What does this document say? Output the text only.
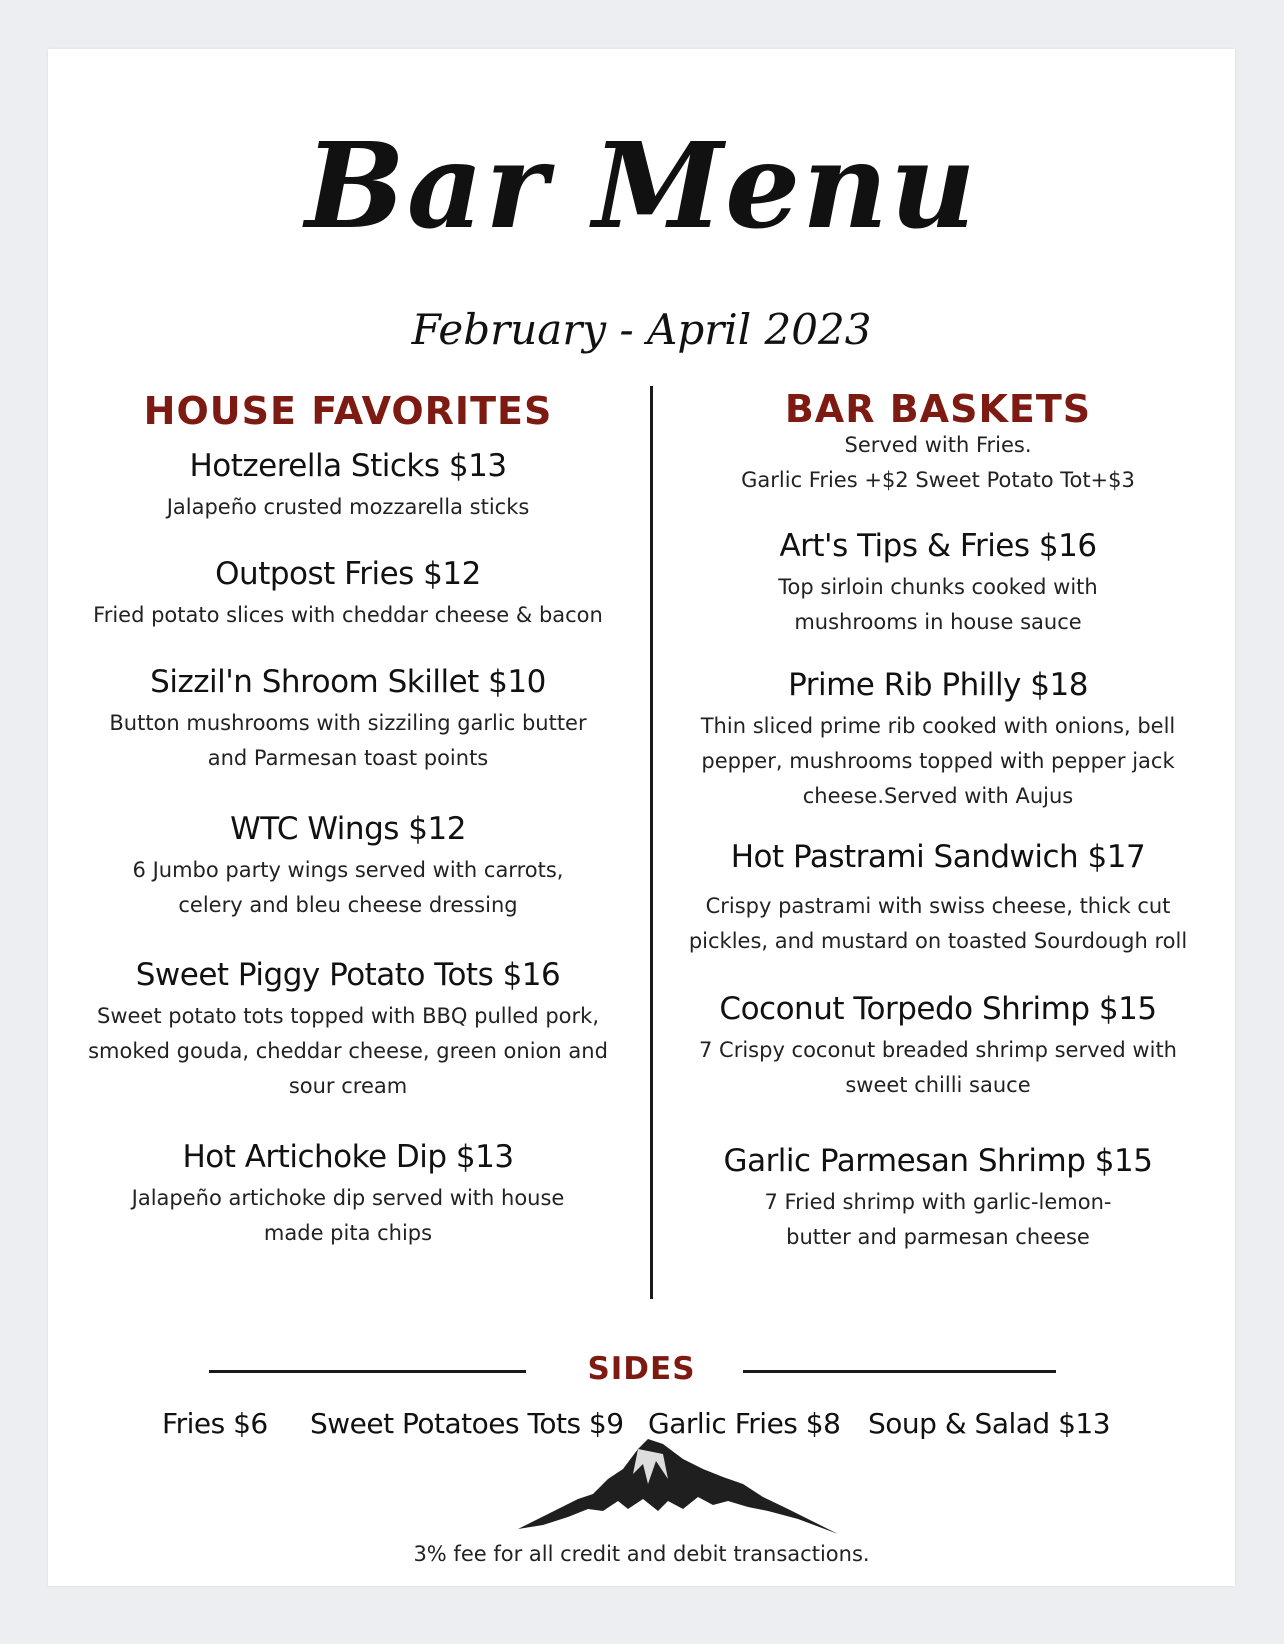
Bar Menu
February - April 2023
HOUSE FAVORITES
Hotzerella Sticks $13
Jalapeño crusted mozzarella sticks
Outpost Fries $12
Fried potato slices with cheddar cheese & bacon
Sizzil'n Shroom Skillet $10
Button mushrooms with sizziling garlic butter and Parmesan toast points
WTC Wings $12
6 Jumbo party wings served with carrots, celery and bleu cheese dressing
Sweet Piggy Potato Tots $16
Sweet potato tots topped with BBQ pulled pork, smoked gouda, cheddar cheese, green onion and sour cream
Hot Artichoke Dip $13
Jalapeño artichoke dip served with house made pita chips
BAR BASKETS
Served with Fries.
Garlic Fries +$2 Sweet Potato Tot+$3
Art's Tips & Fries $16
Top sirloin chunks cooked with mushrooms in house sauce
Prime Rib Philly $18
Thin sliced prime rib cooked with onions, bell pepper, mushrooms topped with pepper jack cheese.Served with Aujus
Hot Pastrami Sandwich $17
Crispy pastrami with swiss cheese, thick cut pickles, and mustard on toasted Sourdough roll
Coconut Torpedo Shrimp $15
7 Crispy coconut breaded shrimp served with sweet chilli sauce
Garlic Parmesan Shrimp $15
7 Fried shrimp with garlic-lemon-butter and parmesan cheese
SIDES
Fries $6 Sweet Potatoes Tots $9 Garlic Fries $8 Soup & Salad $13
3% fee for all credit and debit transactions.
